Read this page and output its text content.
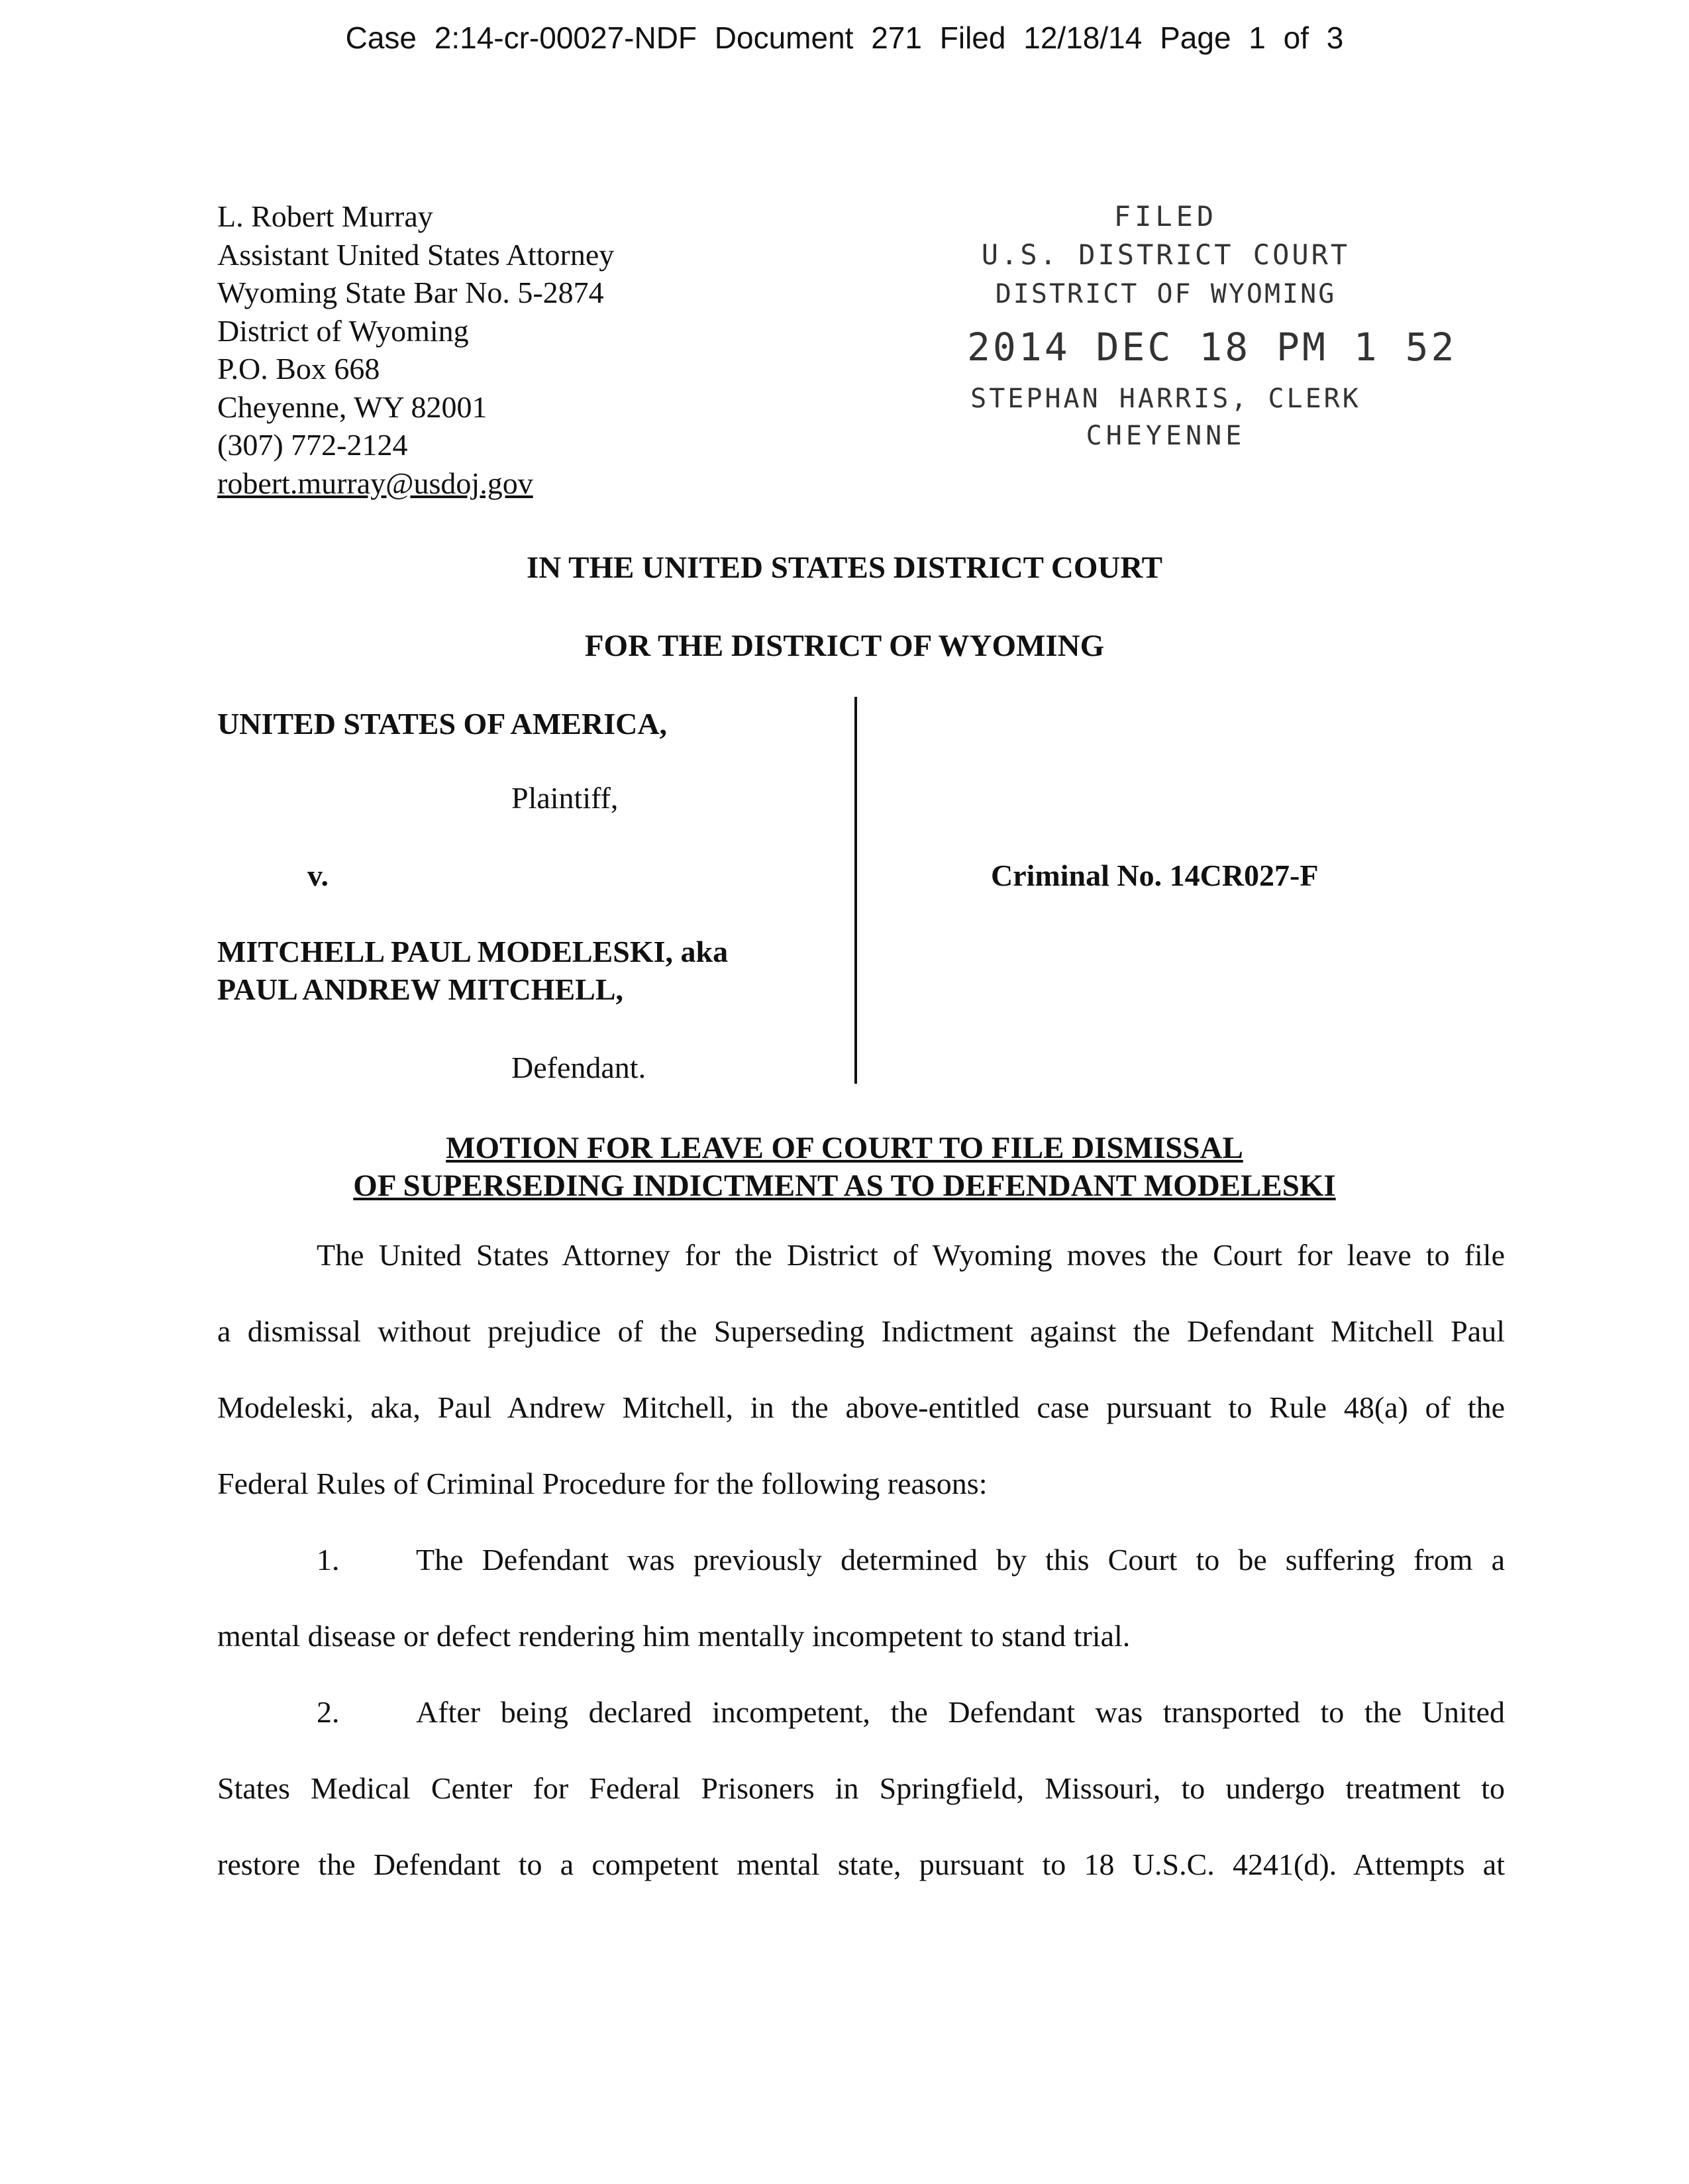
Case 2:14-cr-00027-NDF Document 271 Filed 12/18/14 Page 1 of 3
L. Robert Murray
Assistant United States Attorney
Wyoming State Bar No. 5-2874
District of Wyoming
P.O. Box 668
Cheyenne, WY 82001
(307) 772-2124
robert.murray@usdoj.gov
FILED
U.S. DISTRICT COURT
DISTRICT OF WYOMING
2014 DEC 18 PM 1 52
STEPHAN HARRIS, CLERK
CHEYENNE
IN THE UNITED STATES DISTRICT COURT
FOR THE DISTRICT OF WYOMING
UNITED STATES OF AMERICA,
Plaintiff,
v.	Criminal No. 14CR027-F
MITCHELL PAUL MODELESKI, aka
PAUL ANDREW MITCHELL,
Defendant.
MOTION FOR LEAVE OF COURT TO FILE DISMISSAL
OF SUPERSEDING INDICTMENT AS TO DEFENDANT MODELESKI
The United States Attorney for the District of Wyoming moves the Court for leave to file
a dismissal without prejudice of the Superseding Indictment against the Defendant Mitchell Paul
Modeleski, aka, Paul Andrew Mitchell, in the above-entitled case pursuant to Rule 48(a) of the
Federal Rules of Criminal Procedure for the following reasons:
1.	The Defendant was previously determined by this Court to be suffering from a
mental disease or defect rendering him mentally incompetent to stand trial.
2.	After being declared incompetent, the Defendant was transported to the United
States Medical Center for Federal Prisoners in Springfield, Missouri, to undergo treatment to
restore the Defendant to a competent mental state, pursuant to 18 U.S.C. 4241(d). Attempts at
